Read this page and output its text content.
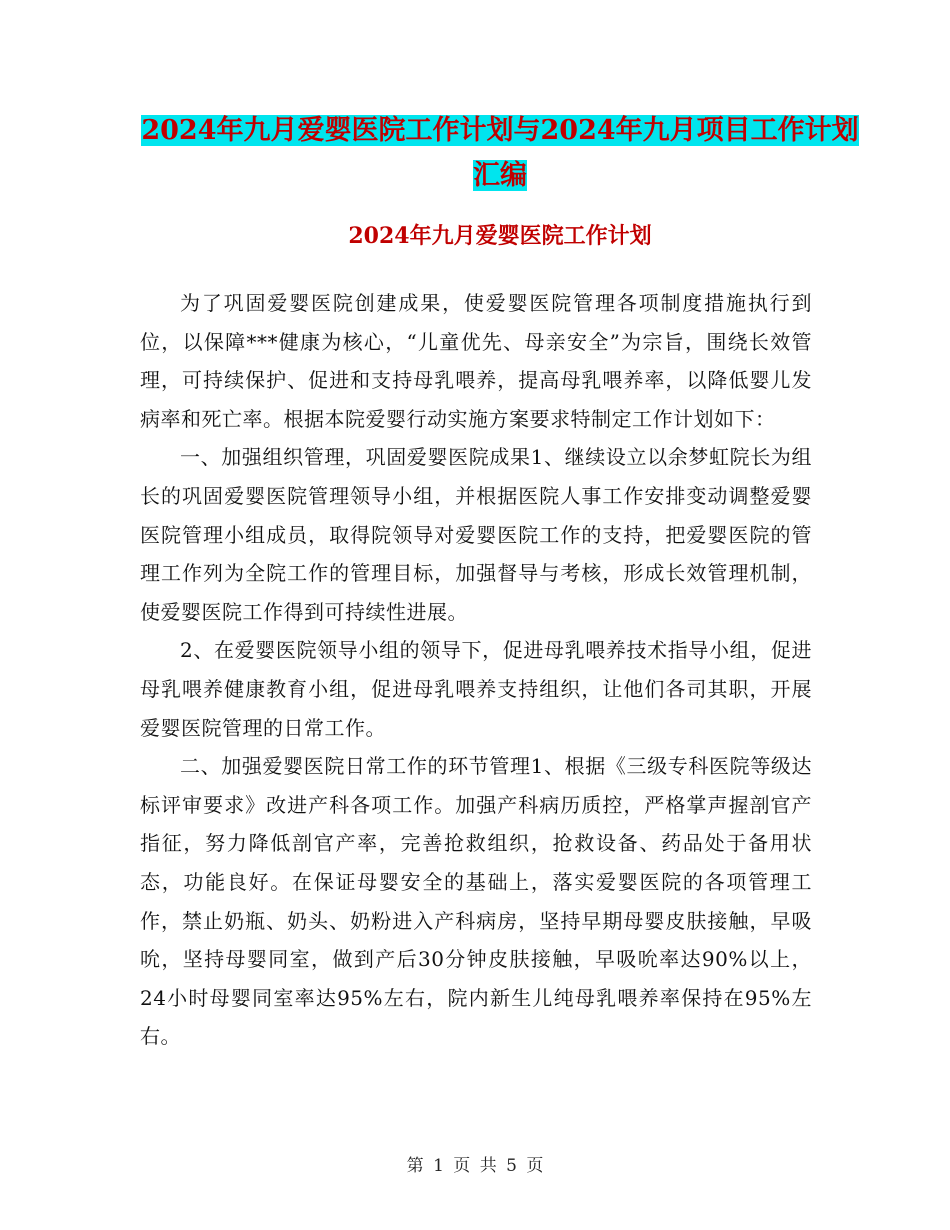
2024年九月爱婴医院工作计划与2024年九月项目工作计划汇编
2024年九月爱婴医院工作计划

为了巩固爱婴医院创建成果，使爱婴医院管理各项制度措施执行到位，以保障***健康为核心，“儿童优先、母亲安全”为宗旨，围绕长效管理，可持续保护、促进和支持母乳喂养，提高母乳喂养率，以降低婴儿发病率和死亡率。根据本院爱婴行动实施方案要求特制定工作计划如下：

一、加强组织管理，巩固爱婴医院成果1、继续设立以余梦虹院长为组长的巩固爱婴医院管理领导小组，并根据医院人事工作安排变动调整爱婴医院管理小组成员，取得院领导对爱婴医院工作的支持，把爱婴医院的管理工作列为全院工作的管理目标，加强督导与考核，形成长效管理机制，使爱婴医院工作得到可持续性进展。

2、在爱婴医院领导小组的领导下，促进母乳喂养技术指导小组，促进母乳喂养健康教育小组，促进母乳喂养支持组织，让他们各司其职，开展爱婴医院管理的日常工作。

二、加强爱婴医院日常工作的环节管理1、根据《三级专科医院等级达标评审要求》改进产科各项工作。加强产科病历质控，严格掌声握剖官产指征，努力降低剖官产率，完善抢救组织，抢救设备、药品处于备用状态，功能良好。在保证母婴安全的基础上，落实爱婴医院的各项管理工作，禁止奶瓶、奶头、奶粉进入产科病房，坚持早期母婴皮肤接触，早吸吮，坚持母婴同室，做到产后30分钟皮肤接触，早吸吮率达90%以上，24小时母婴同室率达95%左右，院内新生儿纯母乳喂养率保持在95%左右。

第 1 页 共 5 页
